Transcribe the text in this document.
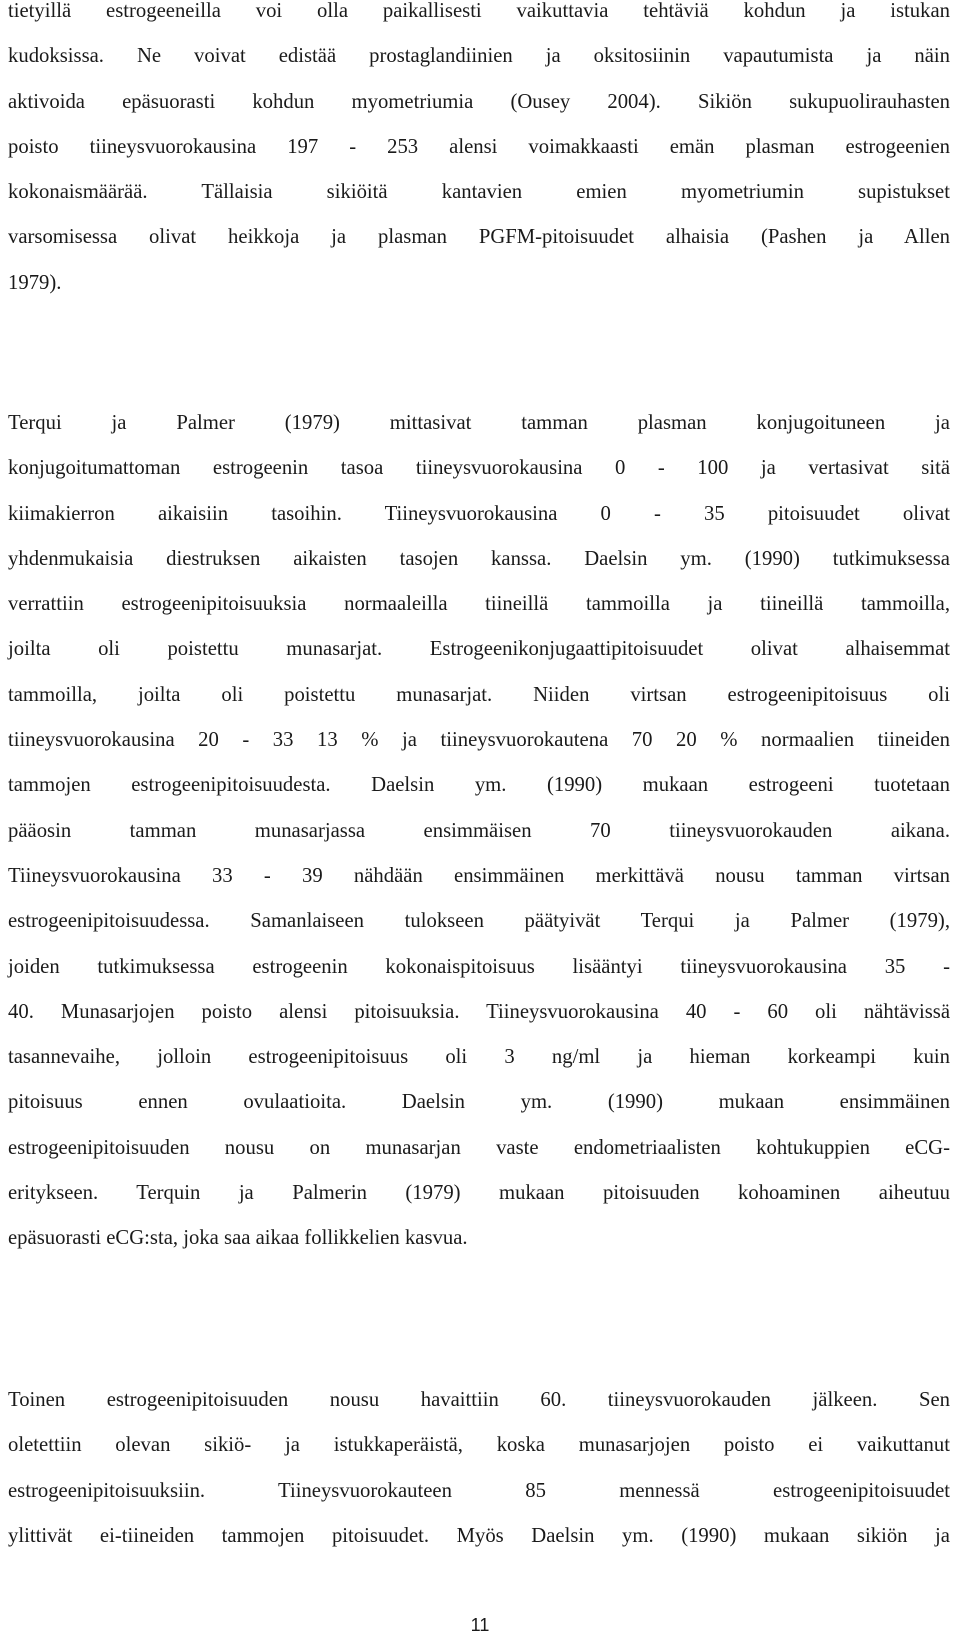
tietyillä estrogeeneilla voi olla paikallisesti vaikuttavia tehtäviä kohdun ja istukan
kudoksissa. Ne voivat edistää prostaglandiinien ja oksitosiinin vapautumista ja näin
aktivoida epäsuorasti kohdun myometriumia (Ousey 2004). Sikiön sukupuolirauhasten
poisto tiineysvuorokausina 197 - 253 alensi voimakkaasti emän plasman estrogeenien
kokonaismäärää. Tällaisia sikiöitä kantavien emien myometriumin supistukset
varsomisessa olivat heikkoja ja plasman PGFM-pitoisuudet alhaisia (Pashen ja Allen
1979).
Terqui ja Palmer (1979) mittasivat tamman plasman konjugoituneen ja
konjugoitumattoman estrogeenin tasoa tiineysvuorokausina 0 - 100 ja vertasivat sitä
kiimakierron aikaisiin tasoihin. Tiineysvuorokausina 0 - 35 pitoisuudet olivat
yhdenmukaisia diestruksen aikaisten tasojen kanssa. Daelsin ym. (1990) tutkimuksessa
verrattiin estrogeenipitoisuuksia normaaleilla tiineillä tammoilla ja tiineillä tammoilla,
joilta oli poistettu munasarjat. Estrogeenikonjugaattipitoisuudet olivat alhaisemmat
tammoilla, joilta oli poistettu munasarjat. Niiden virtsan estrogeenipitoisuus oli
tiineysvuorokausina 20 - 33 13 % ja tiineysvuorokautena 70 20 % normaalien tiineiden
tammojen estrogeenipitoisuudesta. Daelsin ym. (1990) mukaan estrogeeni tuotetaan
pääosin tamman munasarjassa ensimmäisen 70 tiineysvuorokauden aikana.
Tiineysvuorokausina 33 - 39 nähdään ensimmäinen merkittävä nousu tamman virtsan
estrogeenipitoisuudessa. Samanlaiseen tulokseen päätyivät Terqui ja Palmer (1979),
joiden tutkimuksessa estrogeenin kokonaispitoisuus lisääntyi tiineysvuorokausina 35 -
40. Munasarjojen poisto alensi pitoisuuksia. Tiineysvuorokausina 40 - 60 oli nähtävissä
tasannevaihe, jolloin estrogeenipitoisuus oli 3 ng/ml ja hieman korkeampi kuin
pitoisuus ennen ovulaatioita. Daelsin ym. (1990) mukaan ensimmäinen
estrogeenipitoisuuden nousu on munasarjan vaste endometriaalisten kohtukuppien eCG-
eritykseen. Terquin ja Palmerin (1979) mukaan pitoisuuden kohoaminen aiheutuu
epäsuorasti eCG:sta, joka saa aikaa follikkelien kasvua.
Toinen estrogeenipitoisuuden nousu havaittiin 60. tiineysvuorokauden jälkeen. Sen
oletettiin olevan sikiö- ja istukkaperäistä, koska munasarjojen poisto ei vaikuttanut
estrogeenipitoisuuksiin. Tiineysvuorokauteen 85 mennessä estrogeenipitoisuudet
ylittivät ei-tiineiden tammojen pitoisuudet. Myös Daelsin ym. (1990) mukaan sikiön ja
11
